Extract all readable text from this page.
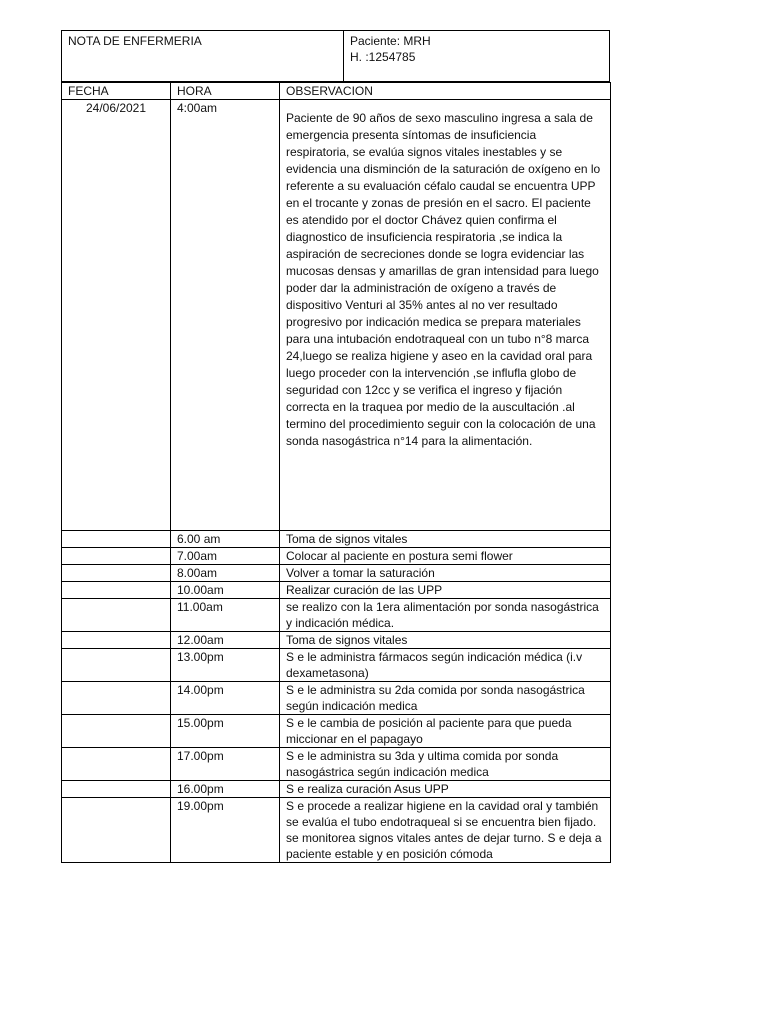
NOTA DE ENFERMERIA	Paciente: MRH
H. :1254785
FECHA	HORA	OBSERVACION
24/06/2021	4:00am	Paciente de 90 años de sexo masculino ingresa a sala de emergencia presenta síntomas de insuficiencia respiratoria, se evalúa signos vitales inestables y se evidencia una disminción de la saturación de oxígeno en lo referente a su evaluación céfalo caudal se encuentra UPP en el trocante y zonas de presión en el sacro. El paciente es atendido por el doctor Chávez quien confirma el diagnostico de insuficiencia respiratoria ,se indica la aspiración de secreciones donde se logra evidenciar las mucosas densas y amarillas de gran intensidad para luego poder dar la administración de oxígeno a través de dispositivo Venturi al 35% antes al no ver resultado progresivo por indicación medica se prepara materiales para una intubación endotraqueal con un tubo n°8 marca 24,luego se realiza higiene y aseo en la cavidad oral para luego proceder con la intervención ,se influfla globo de seguridad con 12cc y se verifica el ingreso y fijación correcta en la traquea por medio de la auscultación .al termino del procedimiento seguir con la colocación de una sonda nasogástrica n°14 para la alimentación.

	6.00 am	Toma de signos vitales
	7.00am	Colocar al paciente en postura semi flower
	8.00am	Volver a tomar la saturación
	10.00am	Realizar curación de las UPP
	11.00am	se realizo con la 1era alimentación por sonda nasogástrica y indicación médica.
	12.00am	Toma de signos vitales
	13.00pm	S e le administra fármacos según indicación médica (i.v dexametasona)
	14.00pm	S e le administra su 2da comida por sonda nasogástrica según indicación medica
	15.00pm	S e le cambia de posición al paciente para que pueda miccionar en el papagayo
	17.00pm	S e le administra su 3da y ultima comida por sonda nasogástrica según indicación medica
	16.00pm	S e realiza curación Asus UPP
	19.00pm	S e procede a realizar higiene en la cavidad oral y también se evalúa el tubo endotraqueal si se encuentra bien fijado. se monitorea signos vitales antes de dejar turno. S e deja a paciente estable y en posición cómoda
